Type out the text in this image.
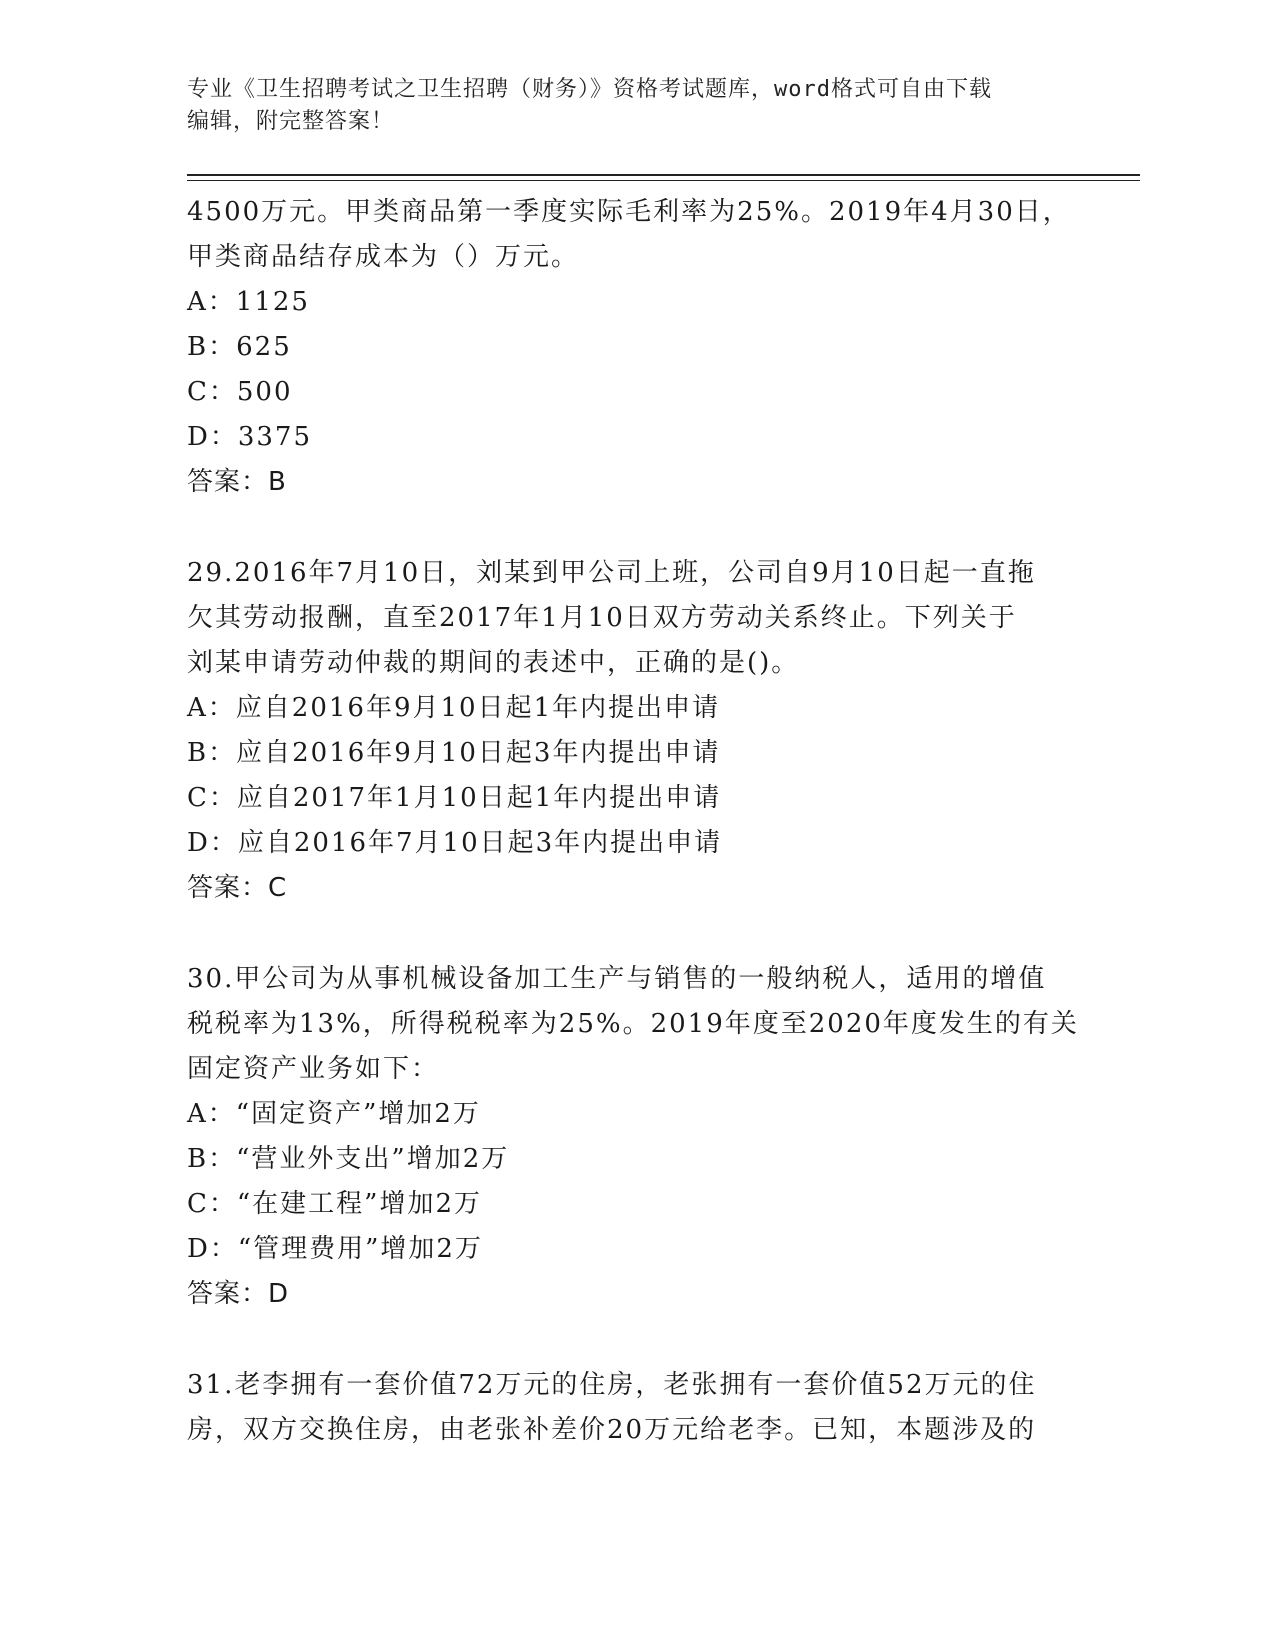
专业《卫生招聘考试之卫生招聘（财务）》资格考试题库，word格式可自由下载
编辑，附完整答案！
4500万元。甲类商品第一季度实际毛利率为25%。2019年4月30日，
甲类商品结存成本为（）万元。
A：1125
B：625
C：500
D：3375
答案：B
29.2016年7月10日，刘某到甲公司上班，公司自9月10日起一直拖
欠其劳动报酬，直至2017年1月10日双方劳动关系终止。下列关于
刘某申请劳动仲裁的期间的表述中，正确的是()。
A：应自2016年9月10日起1年内提出申请
B：应自2016年9月10日起3年内提出申请
C：应自2017年1月10日起1年内提出申请
D：应自2016年7月10日起3年内提出申请
答案：C
30.甲公司为从事机械设备加工生产与销售的一般纳税人，适用的增值
税税率为13%，所得税税率为25%。2019年度至2020年度发生的有关
固定资产业务如下：
A：“固定资产”增加2万
B：“营业外支出”增加2万
C：“在建工程”增加2万
D：“管理费用”增加2万
答案：D
31.老李拥有一套价值72万元的住房，老张拥有一套价值52万元的住
房，双方交换住房，由老张补差价20万元给老李。已知，本题涉及的
